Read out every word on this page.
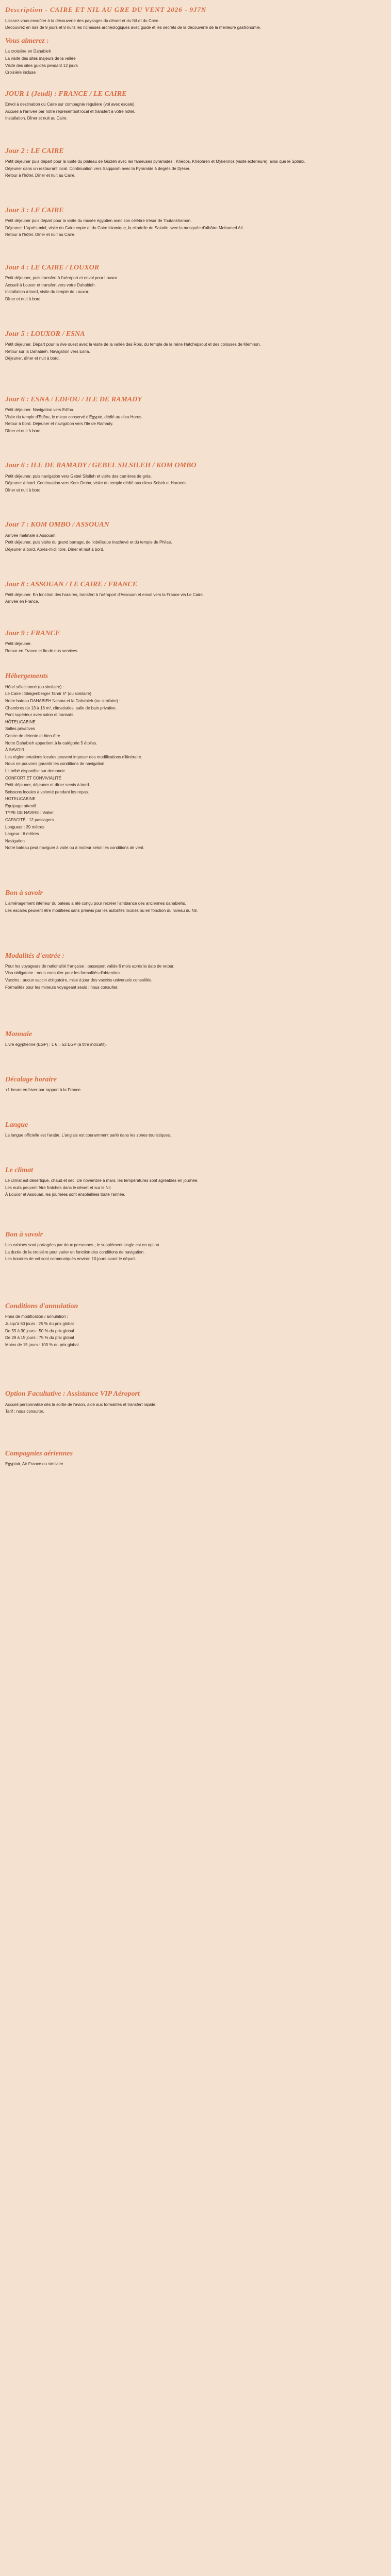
Description - CAIRE ET NIL AU GRE DU VENT 2026 - 9J7N

Laissez-vous envoûter à la découverte des paysages du désert et du Nil et du Caire.

Découvrez en lors de 9 jours et 8 nuits les richesses archéologiques avec guide et les secrets de la découverte de la meilleure gastronomie.

Vous aimerez :

La croisière en Dahabieh

La visite des sites majeurs de la vallée

Visite des sites guidés pendant 12 jours

Croisière incluse

JOUR 1 (Jeudi) : FRANCE / LE CAIRE

Envol à destination du Caire sur compagnie régulière (vol avec escale).

Accueil à l'arrivée par notre représentant local et transfert à votre hôtel.

Installation. Dîner et nuit au Caire.

Jour 2 : LE CAIRE

Petit déjeuner puis départ pour la visite du plateau de Guizèh avec les fameuses pyramides : Khéops, Khéphren et Mykérinos (visite extérieure), ainsi que le Sphinx.

Déjeuner dans un restaurant local. Continuation vers Saqqarah avec la Pyramide à degrés de Djéser.

Retour à l'hôtel. Dîner et nuit au Caire.

Jour 3 : LE CAIRE

Petit déjeuner puis départ pour la visite du musée égyptien avec son célèbre trésor de Toutankhamon.

Déjeuner. L'après-midi, visite du Caire copte et du Caire islamique, la citadelle de Saladin avec la mosquée d'albâtre Mohamed Ali.

Retour à l'hôtel. Dîner et nuit au Caire.

Jour 4 : LE CAIRE / LOUXOR

Petit déjeuner, puis transfert à l'aéroport et envol pour Louxor.

Accueil à Louxor et transfert vers votre Dahabieh.

Installation à bord, visite du temple de Louxor.

Dîner et nuit à bord.

Jour 5 : LOUXOR / ESNA

Petit déjeuner. Départ pour la rive ouest avec la visite de la vallée des Rois, du temple de la reine Hatchepsout et des colosses de Memnon.

Retour sur la Dahabieh. Navigation vers Esna.

Déjeuner, dîner et nuit à bord.

Jour 6 : ESNA / EDFOU / ILE DE RAMADY

Petit déjeuner. Navigation vers Edfou.

Visite du temple d'Edfou, le mieux conservé d'Égypte, dédié au dieu Horus.

Retour à bord. Déjeuner et navigation vers l'île de Ramady.

Dîner et nuit à bord.

Jour 6 : ILE DE RAMADY / GEBEL SILSILEH / KOM OMBO

Petit déjeuner, puis navigation vers Gebel Silsileh et visite des carrières de grès.

Déjeuner à bord. Continuation vers Kom Ombo, visite du temple dédié aux dieux Sobek et Haroeris.

Dîner et nuit à bord.

Jour 7 : KOM OMBO / ASSOUAN

Arrivée matinale à Assouan.

Petit déjeuner, puis visite du grand barrage, de l'obélisque inachevé et du temple de Philae.

Déjeuner à bord. Après-midi libre. Dîner et nuit à bord.

Jour 8 : ASSOUAN / LE CAIRE / FRANCE

Petit déjeuner. En fonction des horaires, transfert à l'aéroport d'Assouan et envol vers la France via Le Caire.

Arrivée en France.

Jour 9 : FRANCE

Petit déjeuner.

Retour en France et fin de nos services.

Hébergements

Hôtel sélectionné (ou similaire) :

Le Caire : Steigenberger Tahrir 5* (ou similaire)

Notre bateau DAHABIEH Nesma et la Dahabieh (ou similaire) :

Chambres de 13 à 16 m², climatisées, salle de bain privative.

Pont supérieur avec salon et transats.

HÔTEL/CABINE

Salles privatives

Centre de détente et bien-être

Notre Dahabieh appartient à la catégorie 5 étoiles.

À SAVOIR

Les réglementations locales peuvent imposer des modifications d'itinéraire.

Nous ne pouvons garantir les conditions de navigation.

Lit bébé disponible sur demande.

CONFORT ET CONVIVIALITÉ

Petit-déjeuner, déjeuner et dîner servis à bord.

Boissons locales à volonté pendant les repas.

HOTEL/CABINE

Équipage attentif

TYPE DE NAVIRE : Voilier

CAPACITÉ : 12 passagers

Longueur : 39 mètres

Largeur : 6 mètres

Navigation

Notre bateau peut naviguer à voile ou à moteur selon les conditions de vent.

Bon à savoir

L'aménagement intérieur du bateau a été conçu pour recréer l'ambiance des anciennes dahabiehs.

Les escales peuvent être modifiées sans préavis par les autorités locales ou en fonction du niveau du Nil.

Modalités d'entrée :

Pour les voyageurs de nationalité française : passeport valide 6 mois après la date de retour.

Visa obligatoire : nous consulter pour les formalités d'obtention.

Vaccins : aucun vaccin obligatoire, mise à jour des vaccins universels conseillée.

Formalités pour les mineurs voyageant seuls : nous consulter.

Monnaie

Livre égyptienne (EGP) : 1 € = 52 EGP (à titre indicatif).

Décalage horaire

+1 heure en hiver par rapport à la France.

Langue

La langue officielle est l'arabe. L'anglais est couramment parlé dans les zones touristiques.

Le climat

Le climat est désertique, chaud et sec. De novembre à mars, les températures sont agréables en journée.

Les nuits peuvent être fraîches dans le désert et sur le Nil.

À Louxor et Assouan, les journées sont ensoleillées toute l'année.

Bon à savoir

Les cabines sont partagées par deux personnes ; le supplément single est en option.

La durée de la croisière peut varier en fonction des conditions de navigation.

Les horaires de vol sont communiqués environ 10 jours avant le départ.

Conditions d'annulation

Frais de modification / annulation :

Jusqu'à 60 jours : 25 % du prix global

De 59 à 30 jours : 50 % du prix global

De 29 à 15 jours : 75 % du prix global

Moins de 15 jours : 100 % du prix global

Option Facultative : Assistance VIP Aéroport

Accueil personnalisé dès la sortie de l'avion, aide aux formalités et transfert rapide.

Tarif : nous consulter.

Compagnies aériennes

Egyptair, Air France ou similaire.
